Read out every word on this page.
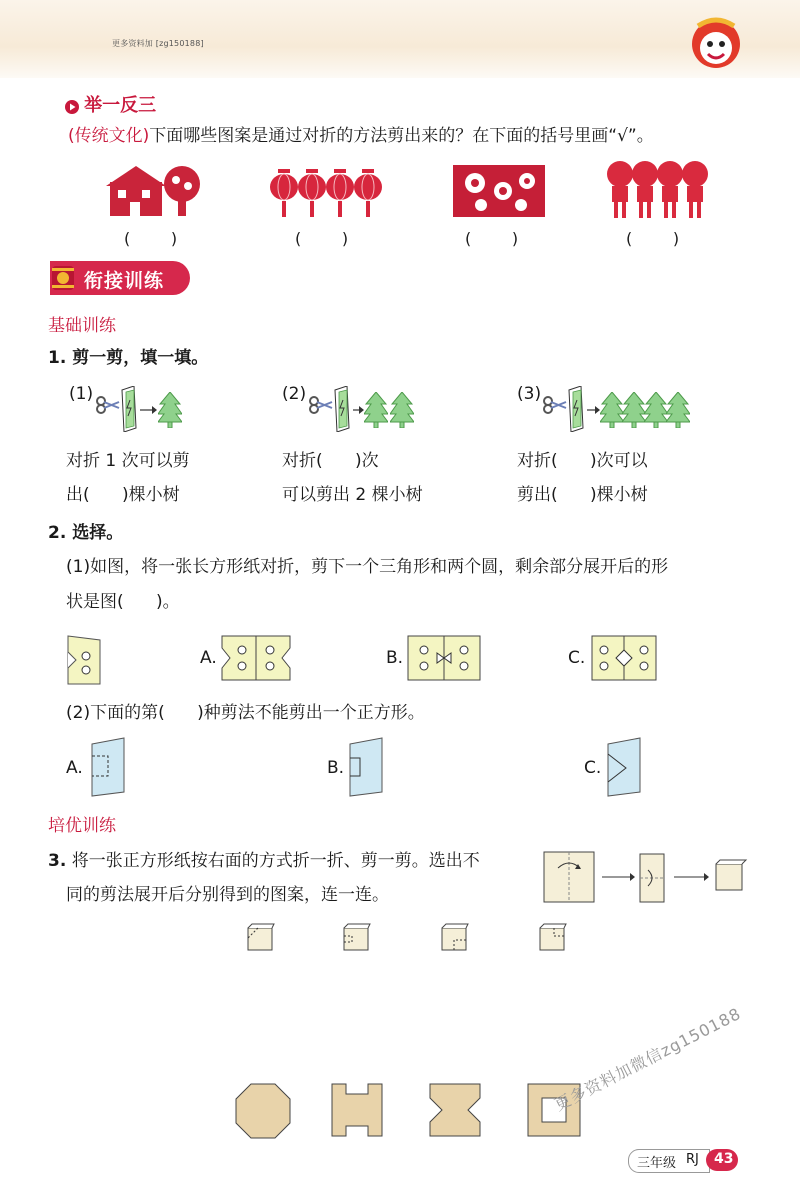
更多资料加 [zg150188]
举一反三
(传统文化)下面哪些图案是通过对折的方法剪出来的？在下面的括号里画“√”。
(        )	(        )	(        )	(        )
衔接训练
基础训练
1. 剪一剪，填一填。
(1)
对折 1 次可以剪
出(      )棵小树
(2)
对折(      )次
可以剪出 2 棵小树
(3)
对折(      )次可以
剪出(      )棵小树
2. 选择。
(1)如图，将一张长方形纸对折，剪下一个三角形和两个圆，剩余部分展开后的形
状是图(      )。
A.	B.	C.
(2)下面的第(      )种剪法不能剪出一个正方形。
A.	B.	C.
培优训练
3. 将一张正方形纸按右面的方式折一折、剪一剪。选出不
同的剪法展开后分别得到的图案，连一连。
更多资料加微信zg150188
三年级 RJ 43
